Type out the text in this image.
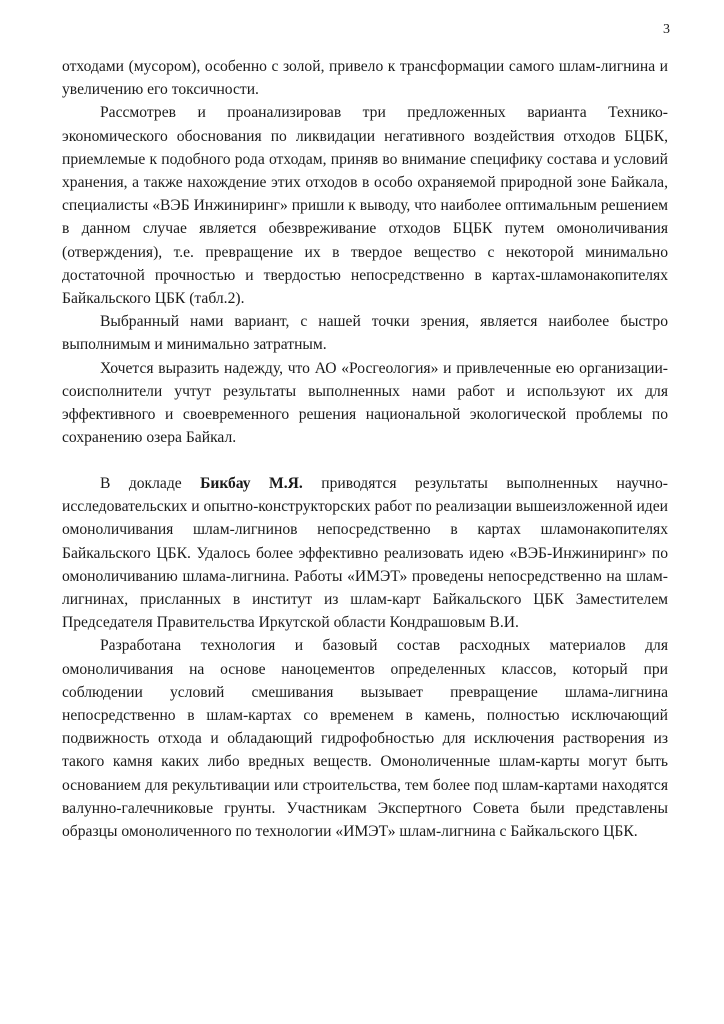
3

отходами (мусором), особенно с золой, привело к трансформации самого шлам-лигнина и увеличению его токсичности.

Рассмотрев и проанализировав три предложенных варианта Технико-экономического обоснования по ликвидации негативного воздействия отходов БЦБК, приемлемые к подобного рода отходам, приняв во внимание специфику состава и условий хранения, а также нахождение этих отходов в особо охраняемой природной зоне Байкала, специалисты «ВЭБ Инжиниринг» пришли к выводу, что наиболее оптимальным решением в данном случае является обезвреживание отходов БЦБК путем омоноличивания (отверждения), т.е. превращение их в твердое вещество с некоторой минимально достаточной прочностью и твердостью непосредственно в картах-шламонакопителях Байкальского ЦБК (табл.2).

Выбранный нами вариант, с нашей точки зрения, является наиболее быстро выполнимым и минимально затратным.

Хочется выразить надежду, что АО «Росгеология» и привлеченные ею организации-соисполнители учтут результаты выполненных нами работ и используют их для эффективного и своевременного решения национальной экологической проблемы по сохранению озера Байкал.

В докладе Бикбау М.Я. приводятся результаты выполненных научно-исследовательских и опытно-конструкторских работ по реализации вышеизложенной идеи омоноличивания шлам-лигнинов непосредственно в картах шламонакопителях Байкальского ЦБК. Удалось более эффективно реализовать идею «ВЭБ-Инжиниринг» по омоноличиванию шлама-лигнина. Работы «ИМЭТ» проведены непосредственно на шлам-лигнинах, присланных в институт из шлам-карт Байкальского ЦБК Заместителем Председателя Правительства Иркутской области Кондрашовым В.И.

Разработана технология и базовый состав расходных материалов для омоноличивания на основе наноцементов определенных классов, который при соблюдении условий смешивания вызывает превращение шлама-лигнина непосредственно в шлам-картах со временем в камень, полностью исключающий подвижность отхода и обладающий гидрофобностью для исключения растворения из такого камня каких либо вредных веществ. Омоноличенные шлам-карты могут быть основанием для рекультивации или строительства, тем более под шлам-картами находятся валунно-галечниковые грунты. Участникам Экспертного Совета были представлены образцы омоноличенного по технологии «ИМЭТ» шлам-лигнина с Байкальского ЦБК.
